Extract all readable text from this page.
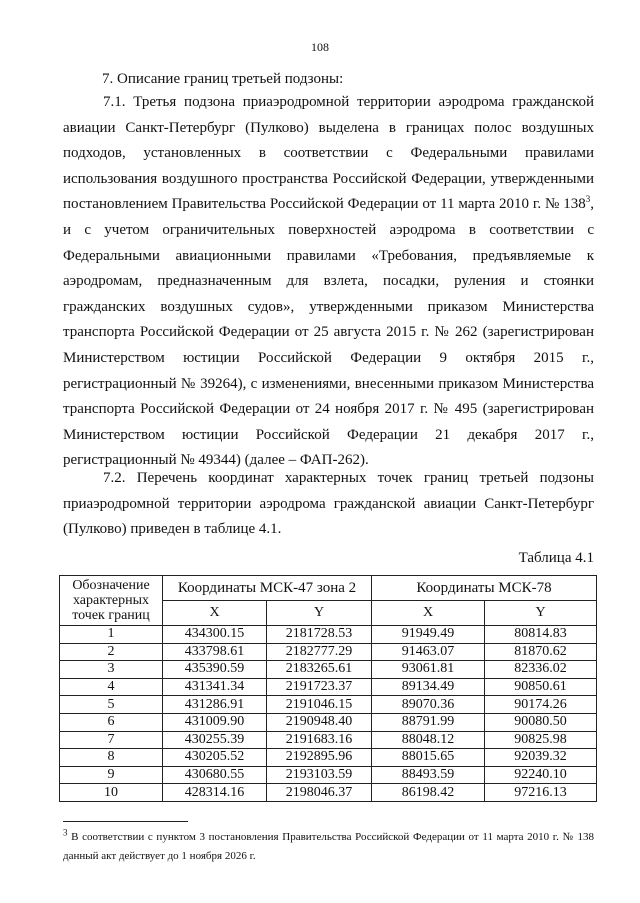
108
7. Описание границ третьей подзоны:
7.1. Третья подзона приаэродромной территории аэродрома гражданской авиации Санкт-Петербург (Пулково) выделена в границах полос воздушных подходов, установленных в соответствии с Федеральными правилами использования воздушного пространства Российской Федерации, утвержденными постановлением Правительства Российской Федерации от 11 марта 2010 г. № $138^3$, и с учетом ограничительных поверхностей аэродрома в соответствии с Федеральными авиационными правилами «Требования, предъявляемые к аэродромам, предназначенным для взлета, посадки, руления и стоянки гражданских воздушных судов», утвержденными приказом Министерства транспорта Российской Федерации от 25 августа 2015 г. № 262 (зарегистрирован Министерством юстиции Российской Федерации 9 октября 2015 г., регистрационный № 39264), с изменениями, внесенными приказом Министерства транспорта Российской Федерации от 24 ноября 2017 г. № 495 (зарегистрирован Министерством юстиции Российской Федерации 21 декабря 2017 г., регистрационный № 49344) (далее – ФАП-262).
7.2. Перечень координат характерных точек границ третьей подзоны приаэродромной территории аэродрома гражданской авиации Санкт-Петербург (Пулково) приведен в таблице 4.1.
Таблица 4.1
Обозначение характерных точек границ	Координаты МСК-47 зона 2		Координаты МСК-78	
	X	Y	X	Y
1	434300.15	2181728.53	91949.49	80814.83
2	433798.61	2182777.29	91463.07	81870.62
3	435390.59	2183265.61	93061.81	82336.02
4	431341.34	2191723.37	89134.49	90850.61
5	431286.91	2191046.15	89070.36	90174.26
6	431009.90	2190948.40	88791.99	90080.50
7	430255.39	2191683.16	88048.12	90825.98
8	430205.52	2192895.96	88015.65	92039.32
9	430680.55	2193103.59	88493.59	92240.10
10	428314.16	2198046.37	86198.42	97216.13
$^3$ В соответствии с пунктом 3 постановления Правительства Российской Федерации от 11 марта 2010 г. № 138 данный акт действует до 1 ноября 2026 г.
